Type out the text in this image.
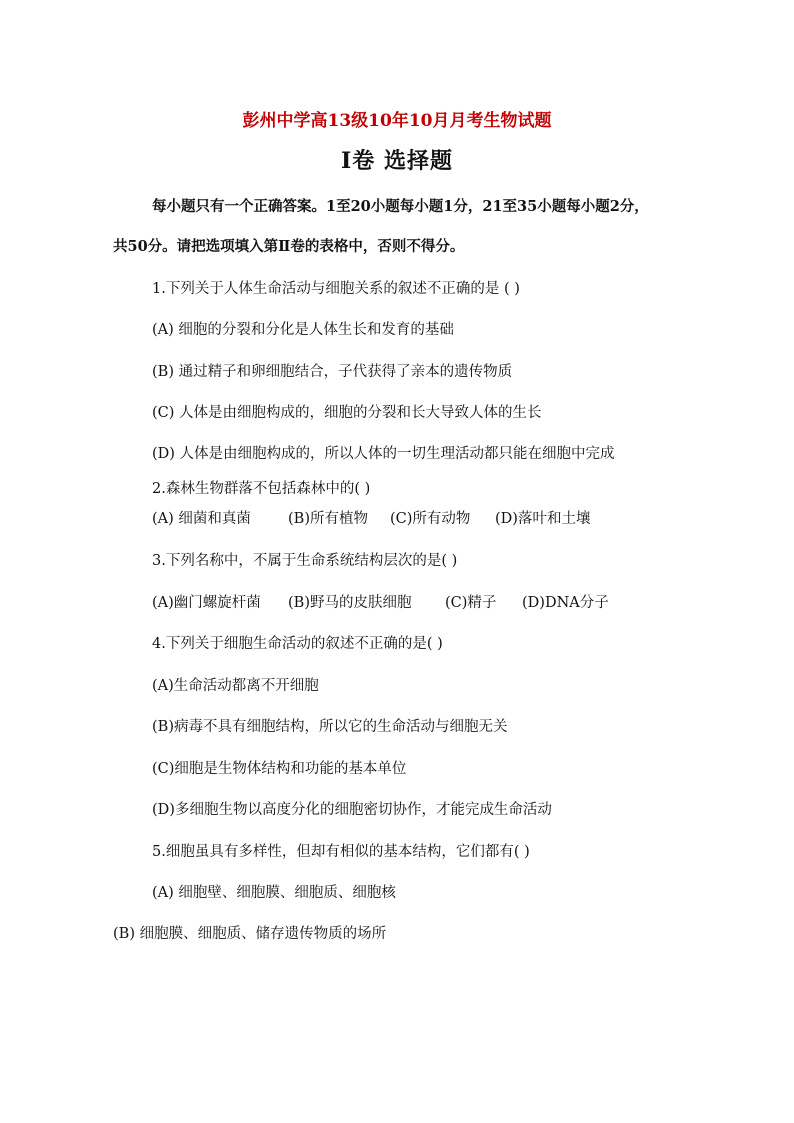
彭州中学高13级10年10月月考生物试题
I卷 选择题
每小题只有一个正确答案。1至20小题每小题1分，21至35小题每小题2分，
共50分。请把选项填入第Ⅱ卷的表格中，否则不得分。
1.下列关于人体生命活动与细胞关系的叙述不正确的是 ( )
(A) 细胞的分裂和分化是人体生长和发育的基础
(B) 通过精子和卵细胞结合，子代获得了亲本的遗传物质
(C) 人体是由细胞构成的，细胞的分裂和长大导致人体的生长
(D) 人体是由细胞构成的，所以人体的一切生理活动都只能在细胞中完成
2.森林生物群落不包括森林中的( )
(A) 细菌和真菌	(B)所有植物 (C)所有动物 (D)落叶和土壤
3.下列名称中，不属于生命系统结构层次的是( )
(A)幽门螺旋杆菌 (B)野马的皮肤细胞 (C)精子 (D)DNA分子
4.下列关于细胞生命活动的叙述不正确的是( )
(A)生命活动都离不开细胞
(B)病毒不具有细胞结构，所以它的生命活动与细胞无关
(C)细胞是生物体结构和功能的基本单位
(D)多细胞生物以高度分化的细胞密切协作，才能完成生命活动
5.细胞虽具有多样性，但却有相似的基本结构，它们都有( )
(A) 细胞壁、细胞膜、细胞质、细胞核
(B) 细胞膜、细胞质、储存遗传物质的场所
